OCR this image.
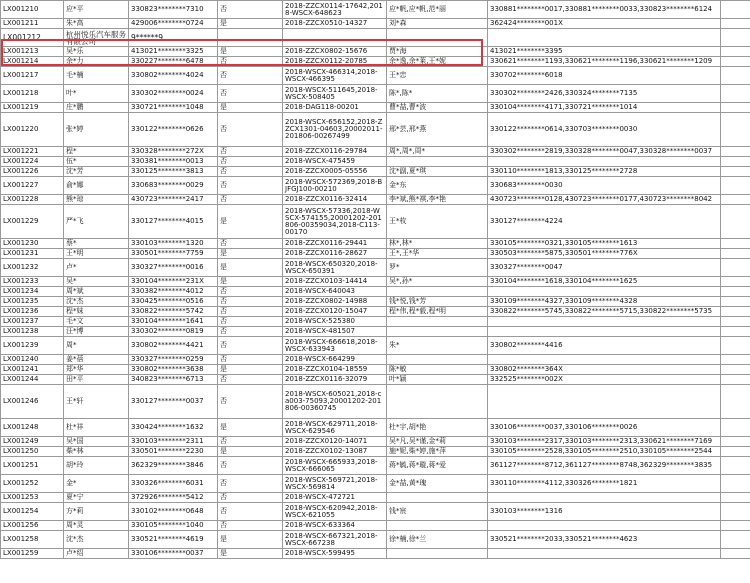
LX001210	应*平	330823********7310	否	2018-ZZCX0114-17642,2018-WSCX-648623	应*帆,应*帆,范*丽	330881********0017,330881********0033,330823********6124	
LX001211	朱*高	429006********0724	是	2018-ZZCX0510-14327	刘*森	362424********001X	
LX001212	杭州悦乐汽车服务有限公司	9******9					
LX001213	吴*乐	413021********3325	是	2018-ZZCX0802-15676	贾*海	413021********3395	
LX001214	余*力	330227********6478	否	2018-ZZCX0112-20785	余*逸,余*莱,王*妮	330621********1193,330621********1196,330621********1209	
LX001217	毛*楠	330802********4024	否	2018-WSCX-466314,2018-WSCX-466395	王*忠	330702********6018	
LX001218	叶*	330302********0024	否	2018-WSCX-511645,2018-WSCX-508405	陈*,陈*	330302********2426,330324********7135	
LX001219	庄*鹏	330721********1048	是	2018-DAG118-00201	曹*喆,曹*波	330104********4171,330721********1014	
LX001220	张*婷	330122********0626	否	2018-WSCX-656152,2018-ZZCX1301-04603,20002011-201806-00267499	邢*芸,邢*燕	330122********0614,330703********0030	
LX001221	程*	330328********272X	否	2018-ZZCX0116-29784	周*,周*,周*	330302********2819,330328********0047,330328********0037	
LX001224	伍*	330381********0013	否	2018-WSCX-475459			
LX001226	沈*芳	330125********3813	否	2018-ZZCX0005-05556	沈*副,夏*琪	330110********1813,330125********2728	
LX001227	俞*娜	330683********0029	否	2018-WSCX-572369,2018-BJFGJ100-00210	金*东	330683********0030	
LX001228	熊*琼	430723********2417	否	2018-ZZCX0116-32414	李*斌,熊*祺,李*艳	430723********0128,430723********0177,430723********8042	
LX001229	严*飞	330127********4015	是	2018-WSCX-57336,2018-WSCX-574155,20001202-201806-00359034,2018-C113-00170	王*枚	330127********4224	
LX001230	蔡*	330103********1320	否	2018-ZZCX0116-29441	林*,林*	330105********0321,330105********1613	
LX001231	王*明	330501********7759	是	2018-ZZCX0116-28627	王*,王*华	330503********5875,330501********776X	
LX001232	卢*	330327********0016	是	2018-WSCX-650320,2018-WSCX-650391	罗*	330327********0047	
LX001233	吴*	330104********231X	是	2018-ZZCX0103-14414	吴*,孙*	330104********1618,330104********1625	
LX001234	周*斌	330382********4012	否	2018-WSCX-640043			
LX001235	沈*杰	330425********0516	否	2018-ZZCX0802-14988	钱*悦,钱*芳	330109********4327,330109********4328	
LX001236	程*妹	330822********5742	否	2018-ZZCX0120-15047	程*伟,程*毅,程*明	330822********5745,330822********5715,330822********5735	
LX001237	毛*文	330104********1641	否	2018-WSCX-525380			
LX001238	汪*博	330302********0819	否	2018-WSCX-481507			
LX001239	周*	330802********4421	否	2018-WSCX-666618,2018-WSCX-633943	朱*	330802********4416	
LX001240	姜*蓓	330327********0259	否	2018-WSCX-664299			
LX001241	郑*华	330802********3638	是	2018-ZZCX0104-18559	陈*敏	330802********364X	
LX001244	田*平	340823********6713	否	2018-ZZCX0116-32079	叶*颖	332525********002X	
LX001246	王*轩	330127********0037	否	2018-WSCX-605021,2018-ca003-75093,20001202-201806-00360745			
LX001248	杜*祥	330424********1632	是	2018-WSCX-629711,2018-WSCX-629546	杜*宇,胡*艳	330106********0037,330106********0026	
LX001249	吴*国	330103********2311	否	2018-ZZCX0120-14071	吴*凡,吴*谨,金*莉	330103********2317,330103********2313,330621********7169	
LX001250	柴*林	330501********2230	是	2018-ZZCX0102-13087	施*妮,柴*婷,施*萍	330105********2528,330105********2510,330105********2544	
LX001251	胡*玲	362329********3846	否	2018-WSCX-665933,2018-WSCX-666065	蒋*毓,蒋*璇,蒋*爱	361127********8712,361127********8748,362329********3835	
LX001252	金*	330326********6031	否	2018-WSCX-569721,2018-WSCX-569814	金*喆,黄*瑰	330110********4112,330326********1821	
LX001253	夏*宁	372926********5412	否	2018-WSCX-472721			
LX001254	方*莉	330102********0648	否	2018-WSCX-620942,2018-WSCX-621055	钱*宸	330103********1316	
LX001256	周*灵	330105********1040	否	2018-WSCX-633364			
LX001258	沈*杰	330521********4619	是	2018-WSCX-667321,2018-WSCX-667238	徐*楠,徐*兰	330521********2033,330521********4623	
LX001259	卢*绍	330106********0037	是	2018-WSCX-599495			
